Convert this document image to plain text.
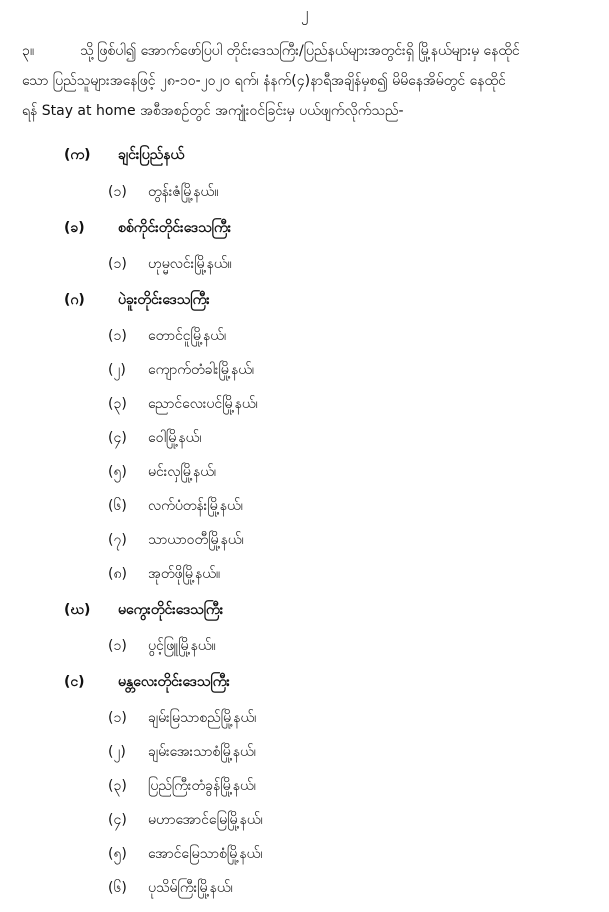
၂
၃။	သို့ဖြစ်ပါ၍ အောက်ဖော်ပြပါ တိုင်းဒေသကြီး/ပြည်နယ်များအတွင်းရှိ မြို့နယ်များမှ နေထိုင်
သော ပြည်သူများအနေဖြင့် ၂၈-၁၀-၂၀၂၀ ရက်၊ နံနက်(၄)နာရီအချိန်မှစ၍ မိမိနေအိမ်တွင် နေထိုင်
ရန် Stay at home အစီအစဉ်တွင် အကျုံးဝင်ခြင်းမှ ပယ်ဖျက်လိုက်သည်-
(က) ချင်းပြည်နယ်
(၁) တွန်းဇံမြို့နယ်။
(ခ) စစ်ကိုင်းတိုင်းဒေသကြီး
(၁) ဟုမ္မလင်းမြို့နယ်။
(ဂ) ပဲခူးတိုင်းဒေသကြီး
(၁) တောင်ငူမြို့နယ်၊
(၂) ကျောက်တံခါးမြို့နယ်၊
(၃) ညောင်လေးပင်မြို့နယ်၊
(၄) ဝေါမြို့နယ်၊
(၅) မင်းလှမြို့နယ်၊
(၆) လက်ပံတန်းမြို့နယ်၊
(၇) သာယာဝတီမြို့နယ်၊
(၈) အုတ်ဖိုမြို့နယ်။
(ဃ) မကွေးတိုင်းဒေသကြီး
(၁) ပွင့်ဖြူမြို့နယ်။
(င) မန္တလေးတိုင်းဒေသကြီး
(၁) ချမ်းမြသာစည်မြို့နယ်၊
(၂) ချမ်းအေးသာစံမြို့နယ်၊
(၃) ပြည်ကြီးတံခွန်မြို့နယ်၊
(၄) မဟာအောင်မြေမြို့နယ်၊
(၅) အောင်မြေသာစံမြို့နယ်၊
(၆) ပုသိမ်ကြီးမြို့နယ်၊
